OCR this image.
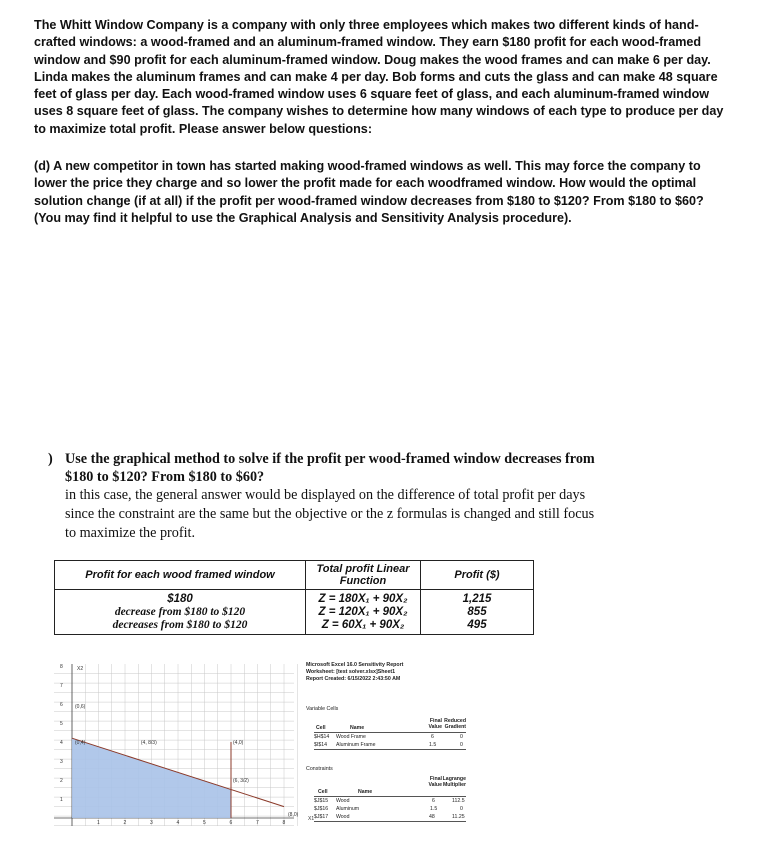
The Whitt Window Company is a company with only three employees which makes two different kinds of hand-crafted windows: a wood-framed and an aluminum-framed window. They earn $180 profit for each wood-framed window and $90 profit for each aluminum-framed window. Doug makes the wood frames and can make 6 per day. Linda makes the aluminum frames and can make 4 per day. Bob forms and cuts the glass and can make 48 square feet of glass per day. Each wood-framed window uses 6 square feet of glass, and each aluminum-framed window uses 8 square feet of glass. The company wishes to determine how many windows of each type to produce per day to maximize total profit. Please answer below questions:
(d) A new competitor in town has started making wood-framed windows as well. This may force the company to lower the price they charge and so lower the profit made for each woodframed window. How would the optimal solution change (if at all) if the profit per wood-framed window decreases from $180 to $120? From $180 to $60? (You may find it helpful to use the Graphical Analysis and Sensitivity Analysis procedure).
) Use the graphical method to solve if the profit per wood-framed window decreases from $180 to $120? From $180 to $60?
in this case, the general answer would be displayed on the difference of total profit per days since the constraint are the same but the objective or the z formulas is changed and still focus to maximize the profit.
Profit for each wood framed window	Total profit Linear Function	Profit ($)
$180	Z = 180X₁ + 90X₂	1,215
decrease from $180 to $120	Z = 120X₁ + 90X₂	855
decreases from $180 to $120	Z = 60X₁ + 90X₂	495
1
2
3
4
5
6
7
8
1	2	3	4	5	6	7	8
X2
X1
(0,6)
(0,4)	(4, 8/3)	(4,0)
(6, 3/2)
(8,0)
Microsoft Excel 16.0 Sensitivity Report
Worksheet: [test solver.xlsx]Sheet1
Report Created: 6/15/2022 2:43:50 AM
Variable Cells
Final Value
Reduced Gradient
Cell	Name
$H$14 Wood Frame	6	0
$I$14 Aluminum Frame	1.5	0
Constraints
Final Value
Lagrange Multiplier
Cell	Name
$J$15 Wood	6	112.5
$J$16 Aluminum	1.5	0
$J$17 Wood	48	11.25
